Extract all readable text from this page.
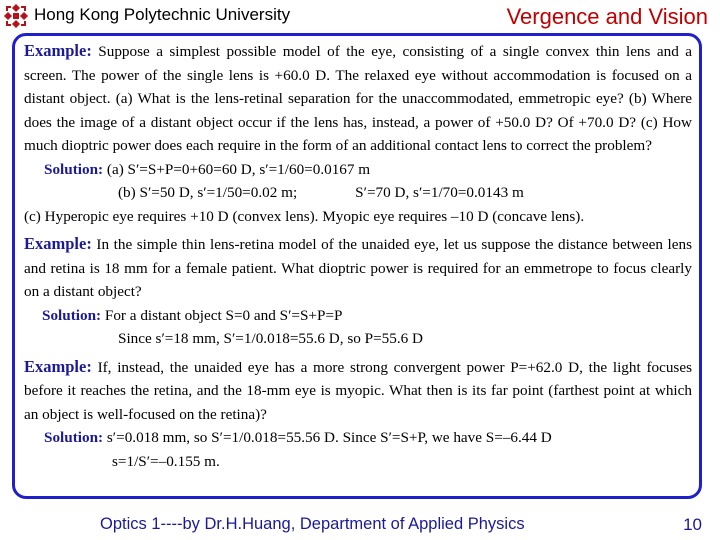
Hong Kong Polytechnic University	Vergence and Vision

Example: Suppose a simplest possible model of the eye, consisting of a single convex thin lens and a screen. The power of the single lens is +60.0 D. The relaxed eye without accommodation is focused on a distant object. (a) What is the lens-retinal separation for the unaccommodated, emmetropic eye? (b) Where does the image of a distant object occur if the lens has, instead, a power of +50.0 D? Of +70.0 D? (c) How much dioptric power does each require in the form of an additional contact lens to correct the problem?

Solution: (a) S′=S+P=0+60=60 D, s′=1/60=0.0167 m

(b) S′=50 D, s′=1/50=0.02 m;	S′=70 D, s′=1/70=0.0143 m

(c) Hyperopic eye requires +10 D (convex lens). Myopic eye requires –10 D (concave lens).

Example: In the simple thin lens-retina model of the unaided eye, let us suppose the distance between lens and retina is 18 mm for a female patient. What dioptric power is required for an emmetrope to focus clearly on a distant object?

Solution: For a distant object S=0 and S′=S+P=P

Since s′=18 mm, S′=1/0.018=55.6 D, so P=55.6 D

Example: If, instead, the unaided eye has a more strong convergent power P=+62.0 D, the light focuses before it reaches the retina, and the 18-mm eye is myopic. What then is its far point (farthest point at which an object is well-focused on the retina)?

Solution: s′=0.018 mm, so S′=1/0.018=55.56 D. Since S′=S+P, we have S=–6.44 D

s=1/S′=–0.155 m.

Optics 1----by Dr.H.Huang, Department of Applied Physics	10
